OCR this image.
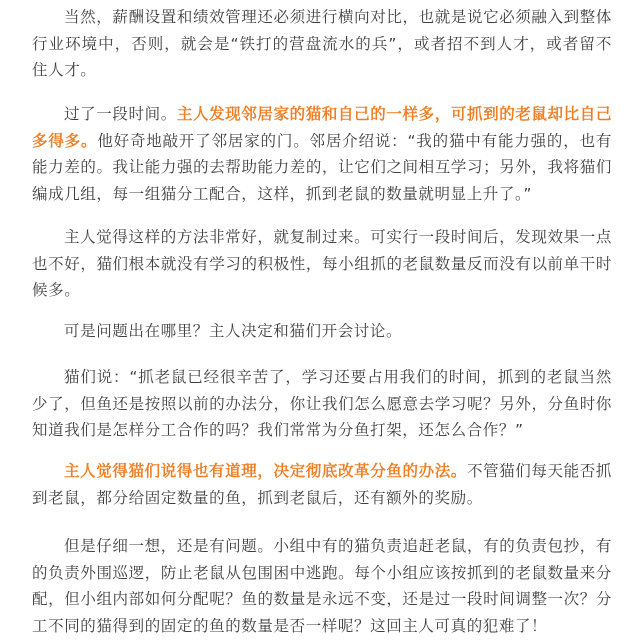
当然，薪酬设置和绩效管理还必须进行横向对比，也就是说它必须融入到整体行业环境中，否则，就会是“铁打的营盘流水的兵”，或者招不到人才，或者留不住人才。

过了一段时间。主人发现邻居家的猫和自己的一样多，可抓到的老鼠却比自己多得多。他好奇地敲开了邻居家的门。邻居介绍说：“我的猫中有能力强的，也有能力差的。我让能力强的去帮助能力差的，让它们之间相互学习；另外，我将猫们编成几组，每一组猫分工配合，这样，抓到老鼠的数量就明显上升了。”

主人觉得这样的方法非常好，就复制过来。可实行一段时间后，发现效果一点也不好，猫们根本就没有学习的积极性，每小组抓的老鼠数量反而没有以前单干时候多。

可是问题出在哪里？主人决定和猫们开会讨论。

猫们说：“抓老鼠已经很辛苦了，学习还要占用我们的时间，抓到的老鼠当然少了，但鱼还是按照以前的办法分，你让我们怎么愿意去学习呢？另外，分鱼时你知道我们是怎样分工合作的吗？我们常常为分鱼打架，还怎么合作？”

主人觉得猫们说得也有道理，决定彻底改革分鱼的办法。不管猫们每天能否抓到老鼠，都分给固定数量的鱼，抓到老鼠后，还有额外的奖励。

但是仔细一想，还是有问题。小组中有的猫负责追赶老鼠，有的负责包抄，有的负责外围巡逻，防止老鼠从包围困中逃跑。每个小组应该按抓到的老鼠数量来分配，但小组内部如何分配呢？鱼的数量是永远不变，还是过一段时间调整一次？分工不同的猫得到的固定的鱼的数量是否一样呢？这回主人可真的犯难了！
